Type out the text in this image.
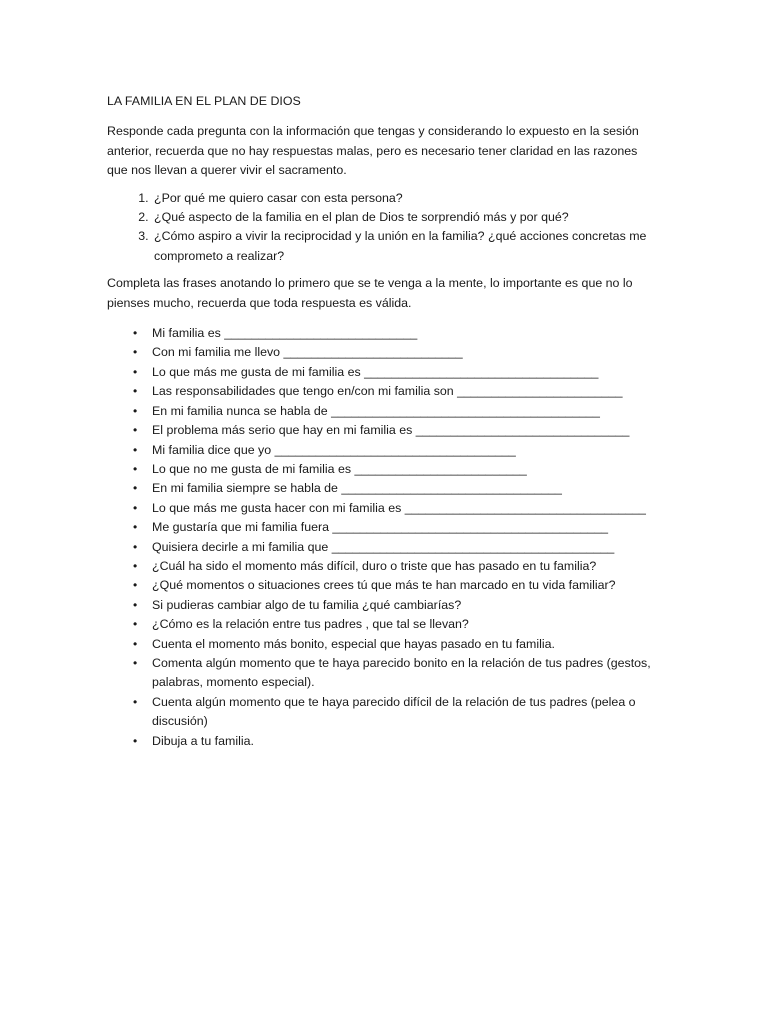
LA FAMILIA EN EL PLAN DE DIOS
Responde cada pregunta con la información que tengas y considerando lo expuesto en la sesión anterior, recuerda que no hay respuestas malas, pero es necesario tener claridad en las razones que nos llevan a querer vivir el sacramento.
1. ¿Por qué me quiero casar con esta persona?
2. ¿Qué aspecto de la familia en el plan de Dios te sorprendió más y por qué?
3. ¿Cómo aspiro a vivir la reciprocidad y la unión en la familia? ¿qué acciones concretas me comprometo a realizar?
Completa las frases anotando lo primero que se te venga a la mente, lo importante es que no lo pienses mucho, recuerda que toda respuesta es válida.
• Mi familia es ____________________________
• Con mi familia me llevo __________________________
• Lo que más me gusta de mi familia es __________________________________
• Las responsabilidades que tengo en/con mi familia son ________________________
• En mi familia nunca se habla de _______________________________________
• El problema más serio que hay en mi familia es _______________________________
• Mi familia dice que yo ___________________________________
• Lo que no me gusta de mi familia es _________________________
• En mi familia siempre se habla de ________________________________
• Lo que más me gusta hacer con mi familia es ___________________________________
• Me gustaría que mi familia fuera ________________________________________
• Quisiera decirle a mi familia que _________________________________________
• ¿Cuál ha sido el momento más difícil, duro o triste que has pasado en tu familia?
• ¿Qué momentos o situaciones crees tú que más te han marcado en tu vida familiar?
• Si pudieras cambiar algo de tu familia ¿qué cambiarías?
• ¿Cómo es la relación entre tus padres , que tal se llevan?
• Cuenta el momento más bonito, especial que hayas pasado en tu familia.
• Comenta algún momento que te haya parecido bonito en la relación de tus padres (gestos, palabras, momento especial).
• Cuenta algún momento que te haya parecido difícil de la relación de tus padres (pelea o discusión)
• Dibuja a tu familia.
